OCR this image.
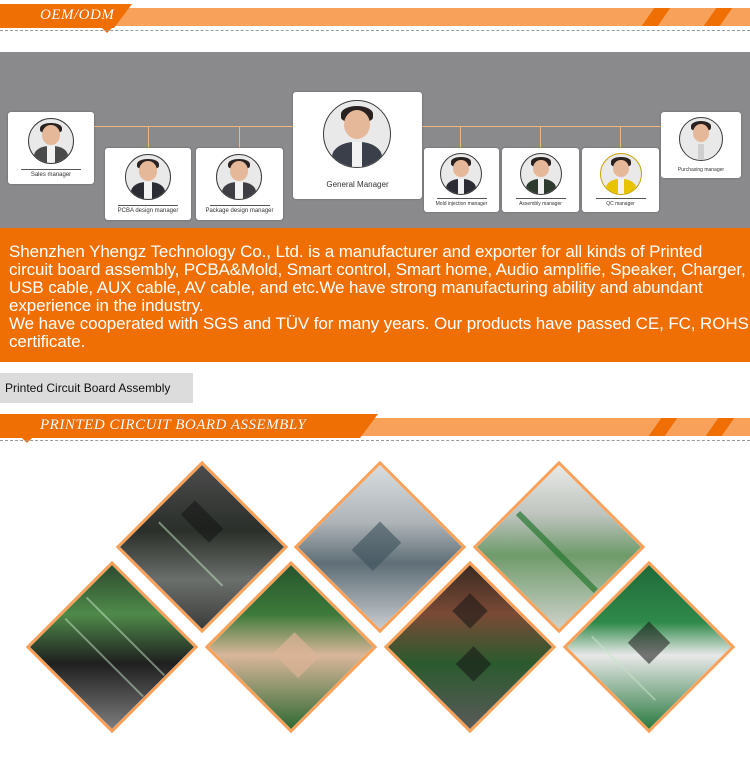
OEM/ODM
Sales manager
PCBA design manager	Package design manager
General Manager
Mold injection manager	Assembly manager	QC manager
Purchasing manager

Shenzhen Yhengz Technology Co., Ltd. is a manufacturer and exporter for all kinds of Printed circuit board assembly, PCBA&Mold, Smart control, Smart home, Audio amplifie, Speaker, Charger, USB cable, AUX cable, AV cable, and etc.We have strong manufacturing ability and abundant experience in the industry.

We have cooperated with SGS and TÜV for many years. Our products have passed CE, FC, ROHS certificate.

Printed Circuit Board Assembly
PRINTED CIRCUIT BOARD ASSEMBLY
